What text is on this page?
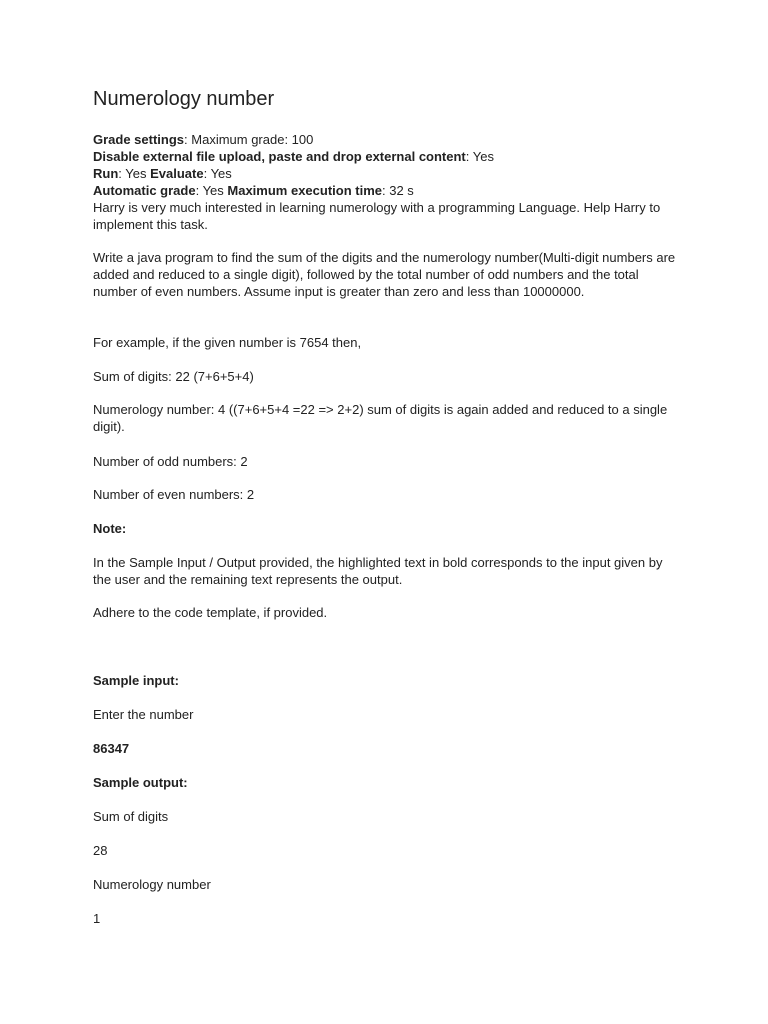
Numerology number

Grade settings: Maximum grade: 100

Disable external file upload, paste and drop external content: Yes

Run: Yes Evaluate: Yes

Automatic grade: Yes Maximum execution time: 32 s

Harry is very much interested in learning numerology with a programming Language. Help Harry to implement this task.

Write a java program to find the sum of the digits and the numerology number(Multi-digit numbers are added and reduced to a single digit), followed by the total number of odd numbers and the total number of even numbers. Assume input is greater than zero and less than 10000000.

For example, if the given number is 7654 then,

Sum of digits: 22 (7+6+5+4)

Numerology number: 4 ((7+6+5+4 =22 => 2+2) sum of digits is again added and reduced to a single digit).

Number of odd numbers: 2

Number of even numbers: 2

Note:

In the Sample Input / Output provided, the highlighted text in bold corresponds to the input given by the user and the remaining text represents the output.

Adhere to the code template, if provided.

Sample input:

Enter the number

86347

Sample output:

Sum of digits

28

Numerology number

1
